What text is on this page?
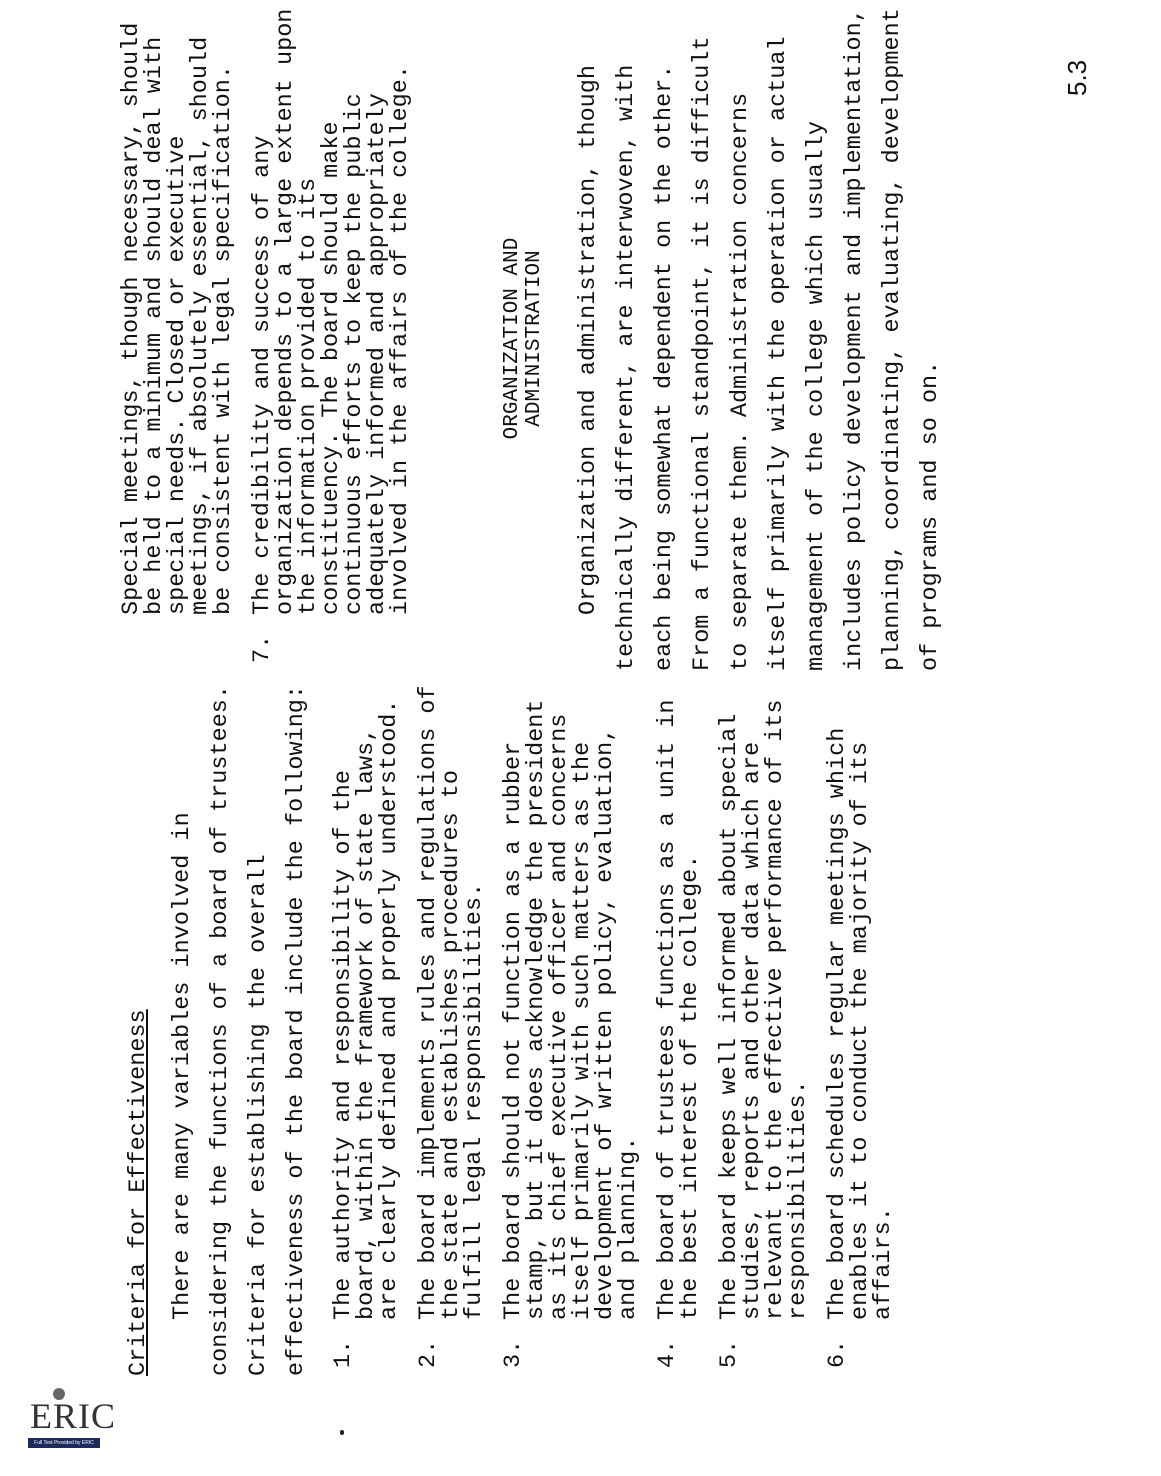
Criteria for Effectiveness There are many variables involved in considering the functions of a board of trustees. Criteria for establishing the overall effectiveness of the board include the following: 1.
The authority and responsibility of the board, within the framework of state laws, are clearly defined and properly understood.
2.
The board implements rules and regulations of the state and establishes procedures to fulfill legal responsibilities.
3.
The board should not function as a rubber stamp, but it does acknowledge the president as its chief executive officer and concerns itself primarily with such matters as the development of written policy, evaluation, and planning.
4.
The board of trustees functions as a unit in the best interest of the college.
5.
The board keeps well informed about special studies, reports and other data which are relevant to the effective performance of its responsibilities.
6.
The board schedules regular meetings which enables it to conduct the majority of its affairs.
Special meetings, though necessary, should be held to a minimum and should deal with special needs. Closed or executive meetings, if absolutely essential, should be consistent with legal specification.
7.
The credibility and success of any organization depends to a large extent upon the information provided to its constituency. The board should make continuous efforts to keep the public adequately informed and appropriately involved in the affairs of the college.	ORGANIZATION AND ADMINISTRATION Organization and administration, though technically different, are interwoven, with each being somewhat dependent on the other. From a functional standpoint, it is difficult to separate them. Administration concerns itself primarily with the operation or actual management of the college which usually includes policy development and implementation, planning, coordinating, evaluating, development of programs and so on.

5.3
ERIC
Full Text Provided by ERIC
